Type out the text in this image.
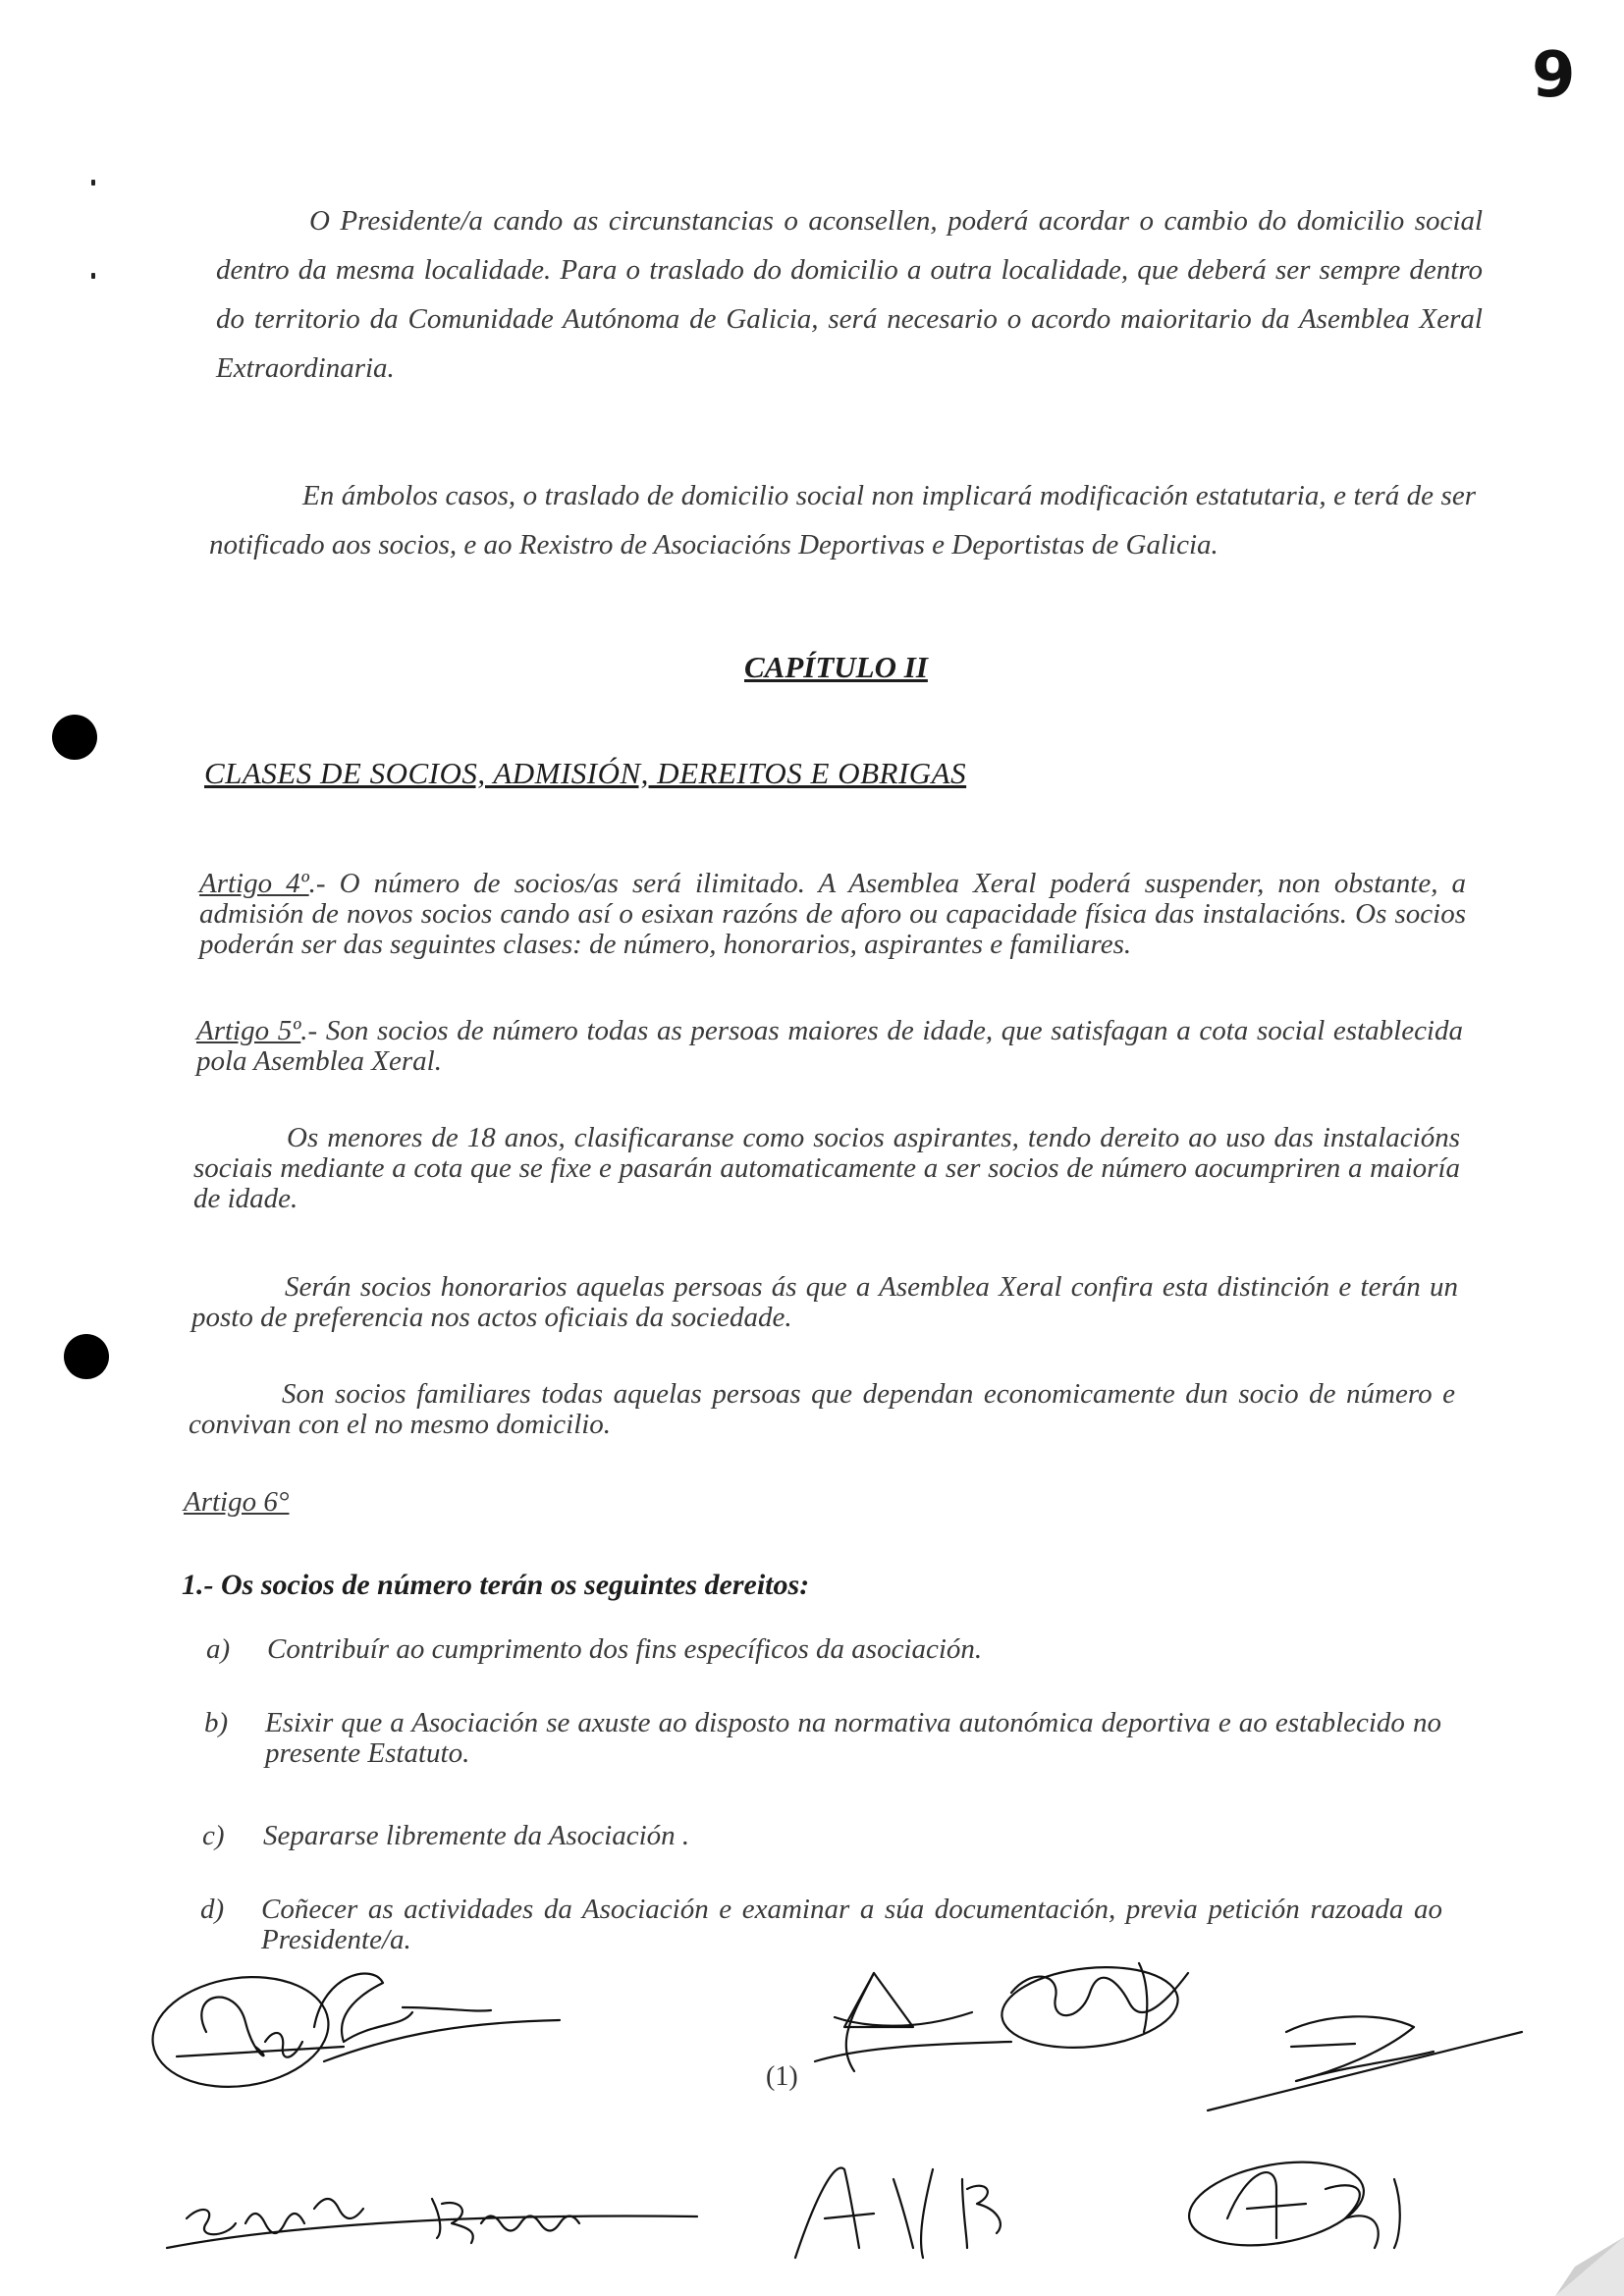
9

O Presidente/a cando as circunstancias o aconsellen, poderá acordar o cambio do domicilio social dentro da mesma localidade. Para o traslado do domicilio a outra localidade, que deberá ser sempre dentro do territorio da Comunidade Autónoma de Galicia, será necesario o acordo maioritario da Asemblea Xeral Extraordinaria.

En ámbolos casos, o traslado de domicilio social non implicará modificación estatutaria, e terá de ser notificado aos socios, e ao Rexistro de Asociacións Deportivas e Deportistas de Galicia.

CAPÍTULO II
CLASES DE SOCIOS, ADMISIÓN, DEREITOS E OBRIGAS

Artigo 4º.- O número de socios/as será ilimitado. A Asemblea Xeral poderá suspender, non obstante, a admisión de novos socios cando así o esixan razóns de aforo ou capacidade física das instalacións. Os socios poderán ser das seguintes clases: de número, honorarios, aspirantes e familiares.

Artigo 5º.- Son socios de número todas as persoas maiores de idade, que satisfagan a cota social establecida pola Asemblea Xeral.

Os menores de 18 anos, clasificaranse como socios aspirantes, tendo dereito ao uso das instalacións sociais mediante a cota que se fixe e pasarán automaticamente a ser socios de número aocumpriren a maioría de idade.

Serán socios honorarios aquelas persoas ás que a Asemblea Xeral confira esta distinción e terán un posto de preferencia nos actos oficiais da sociedade.

Son socios familiares todas aquelas persoas que dependan economicamente dun socio de número e convivan con el no mesmo domicilio.

Artigo 6°

1.- Os socios de número terán os seguintes dereitos:

a)	Contribuír ao cumprimento dos fins específicos da asociación.
b)	Esixir que a Asociación se axuste ao disposto na normativa autonómica deportiva e ao establecido no presente Estatuto.
c)	Separarse libremente da Asociación .
d)	Coñecer as actividades da Asociación e examinar a súa documentación, previa petición razoada ao Presidente/a.
(1)
